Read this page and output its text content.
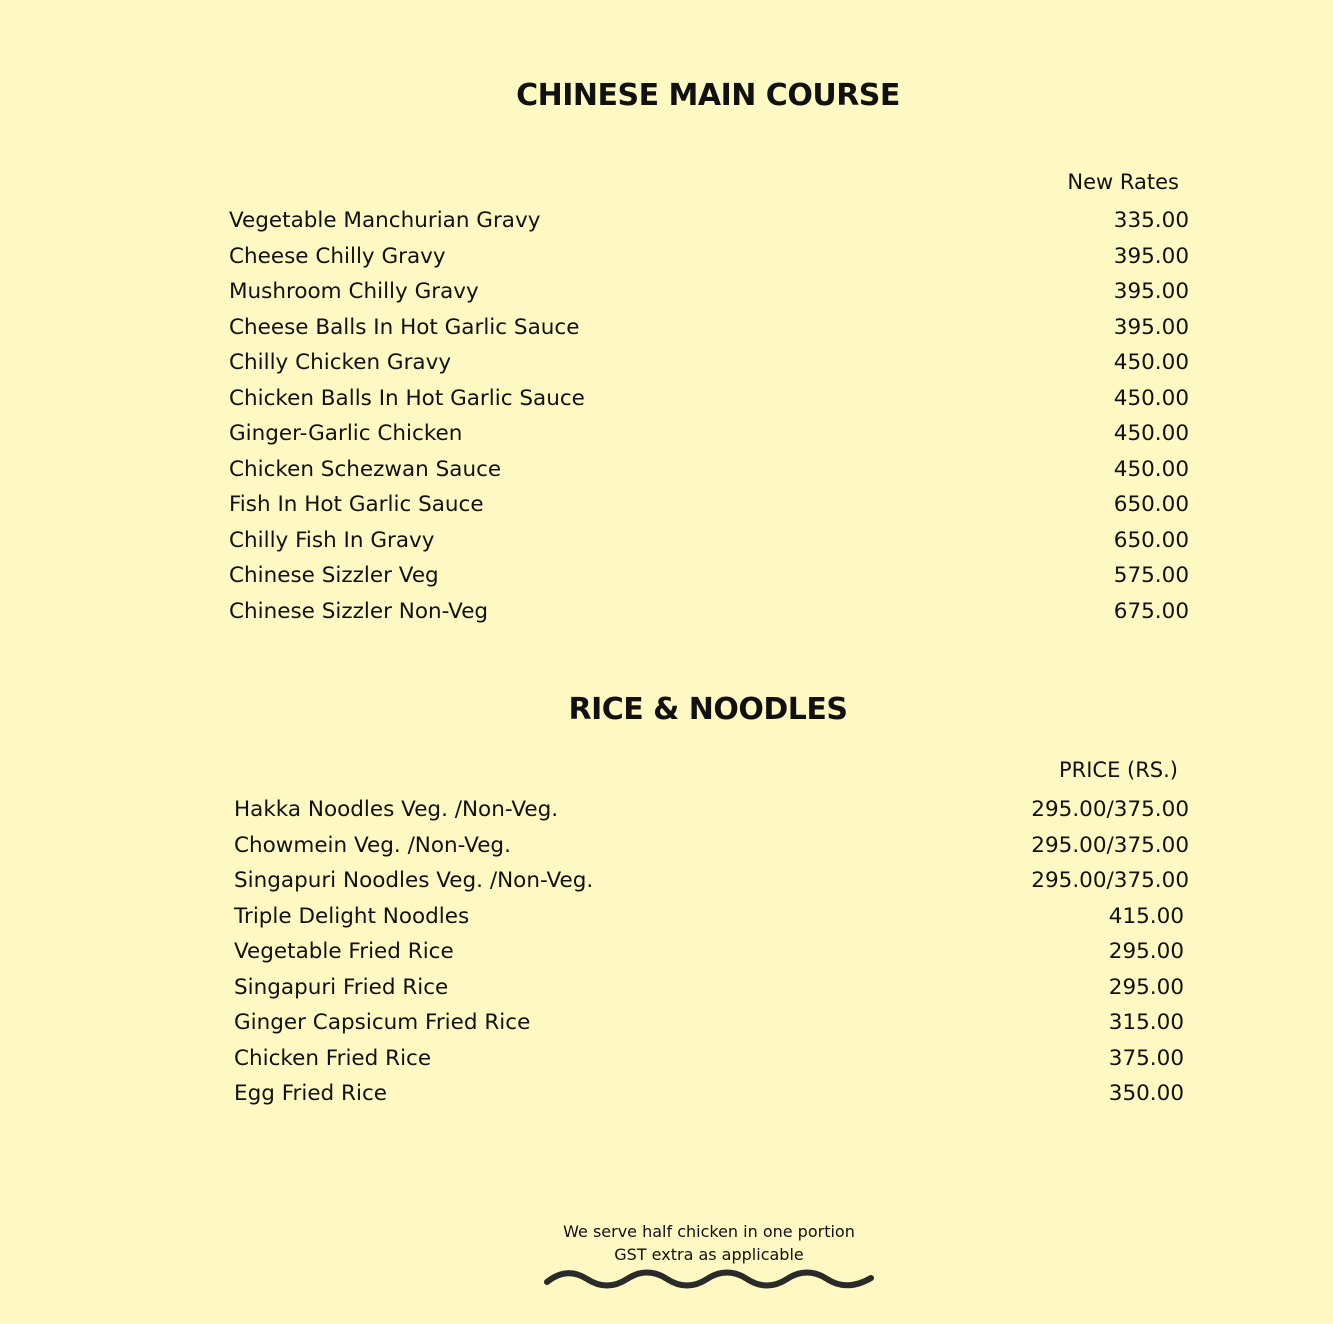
CHINESE MAIN COURSE
New Rates
Vegetable Manchurian Gravy	335.00
Cheese Chilly Gravy	395.00
Mushroom Chilly Gravy	395.00
Cheese Balls In Hot Garlic Sauce	395.00
Chilly Chicken Gravy	450.00
Chicken Balls In Hot Garlic Sauce	450.00
Ginger-Garlic Chicken	450.00
Chicken Schezwan Sauce	450.00
Fish In Hot Garlic Sauce	650.00
Chilly Fish In Gravy	650.00
Chinese Sizzler Veg	575.00
Chinese Sizzler Non-Veg	675.00
RICE & NOODLES
PRICE (RS.)
Hakka Noodles Veg. /Non-Veg.	295.00/375.00
Chowmein Veg. /Non-Veg.	295.00/375.00
Singapuri Noodles Veg. /Non-Veg.	295.00/375.00
Triple Delight Noodles	415.00
Vegetable Fried Rice	295.00
Singapuri Fried Rice	295.00
Ginger Capsicum Fried Rice	315.00
Chicken Fried Rice	375.00
Egg Fried Rice	350.00
We serve half chicken in one portion
GST extra as applicable
